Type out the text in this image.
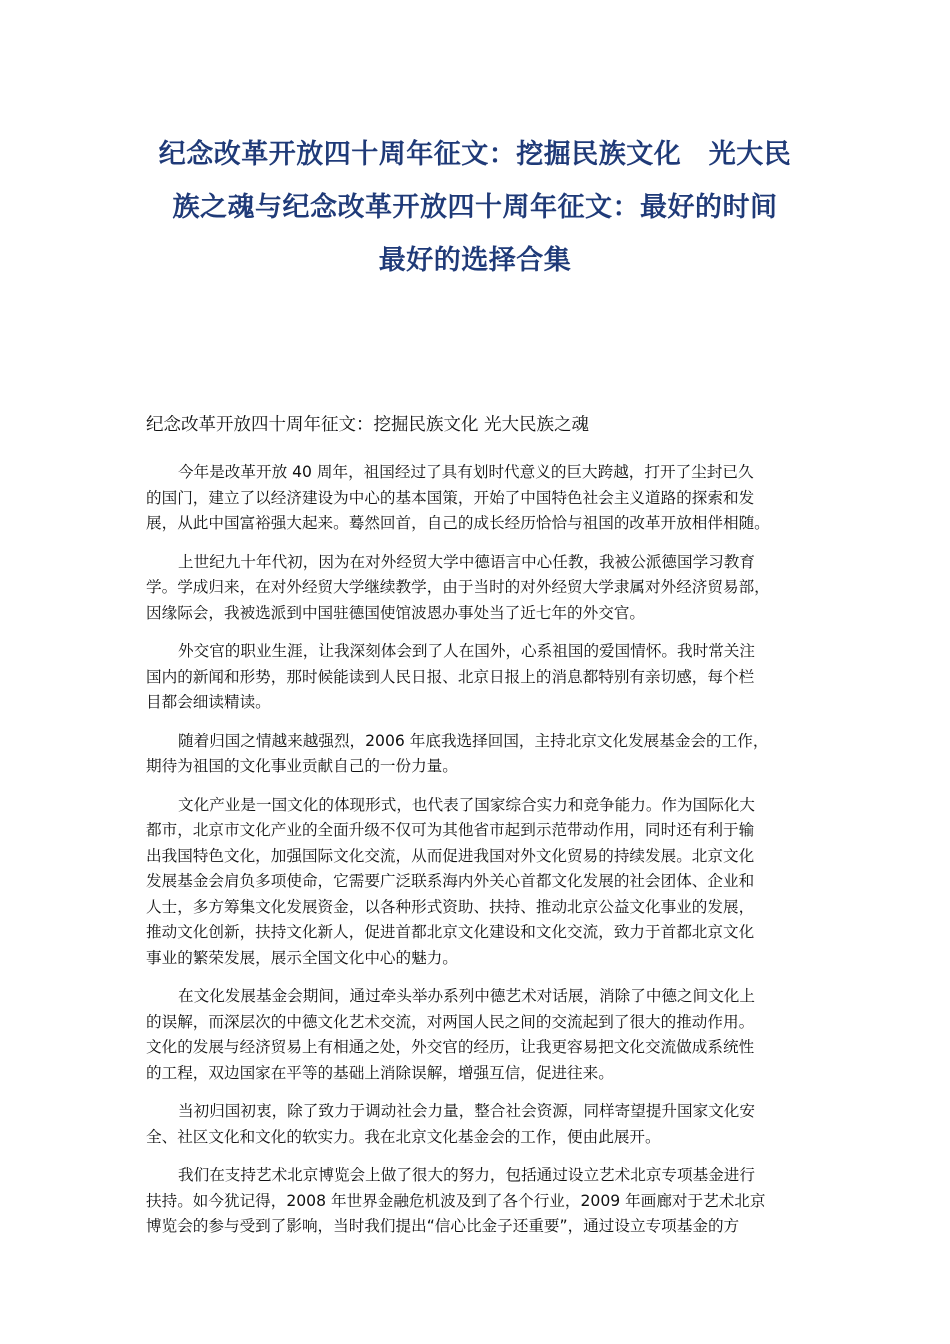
纪念改革开放四十周年征文：挖掘民族文化　光大民
族之魂与纪念改革开放四十周年征文：最好的时间
最好的选择合集
纪念改革开放四十周年征文：挖掘民族文化 光大民族之魂

今年是改革开放 40 周年，祖国经过了具有划时代意义的巨大跨越，打开了尘封已久
的国门，建立了以经济建设为中心的基本国策，开始了中国特色社会主义道路的探索和发
展，从此中国富裕强大起来。蓦然回首，自己的成长经历恰恰与祖国的改革开放相伴相随。

上世纪九十年代初，因为在对外经贸大学中德语言中心任教，我被公派德国学习教育
学。学成归来，在对外经贸大学继续教学，由于当时的对外经贸大学隶属对外经济贸易部，
因缘际会，我被选派到中国驻德国使馆波恩办事处当了近七年的外交官。

外交官的职业生涯，让我深刻体会到了人在国外，心系祖国的爱国情怀。我时常关注
国内的新闻和形势，那时候能读到人民日报、北京日报上的消息都特别有亲切感，每个栏
目都会细读精读。

随着归国之情越来越强烈，2006 年底我选择回国，主持北京文化发展基金会的工作，
期待为祖国的文化事业贡献自己的一份力量。

文化产业是一国文化的体现形式，也代表了国家综合实力和竞争能力。作为国际化大
都市，北京市文化产业的全面升级不仅可为其他省市起到示范带动作用，同时还有利于输
出我国特色文化，加强国际文化交流，从而促进我国对外文化贸易的持续发展。北京文化
发展基金会肩负多项使命，它需要广泛联系海内外关心首都文化发展的社会团体、企业和
人士，多方筹集文化发展资金，以各种形式资助、扶持、推动北京公益文化事业的发展，
推动文化创新，扶持文化新人，促进首都北京文化建设和文化交流，致力于首都北京文化
事业的繁荣发展，展示全国文化中心的魅力。

在文化发展基金会期间，通过牵头举办系列中德艺术对话展，消除了中德之间文化上
的误解，而深层次的中德文化艺术交流，对两国人民之间的交流起到了很大的推动作用。
文化的发展与经济贸易上有相通之处，外交官的经历，让我更容易把文化交流做成系统性
的工程，双边国家在平等的基础上消除误解，增强互信，促进往来。

当初归国初衷，除了致力于调动社会力量，整合社会资源，同样寄望提升国家文化安
全、社区文化和文化的软实力。我在北京文化基金会的工作，便由此展开。

我们在支持艺术北京博览会上做了很大的努力，包括通过设立艺术北京专项基金进行
扶持。如今犹记得，2008 年世界金融危机波及到了各个行业，2009 年画廊对于艺术北京
博览会的参与受到了影响，当时我们提出“信心比金子还重要”，通过设立专项基金的方
